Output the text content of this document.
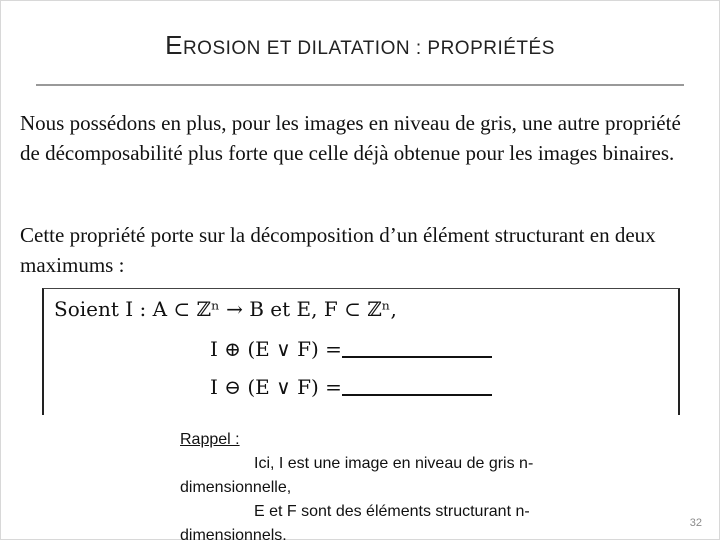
EROSION ET DILATATION : PROPRIÉTÉS
Nous possédons en plus, pour les images en niveau de gris, une autre propriété de décomposabilité plus forte que celle déjà obtenue pour les images binaires.
Cette propriété porte sur la décomposition d’un élément structurant en deux maximums :
Soient I : A ⊂ ℤⁿ → B et E, F ⊂ ℤⁿ,
I ⊕ (E ∨ F) =
I ⊖ (E ∨ F) =
Rappel :
Ici, I est une image en niveau de gris n-
dimensionnelle,
E et F sont des éléments structurant n-
dimensionnels.
32
